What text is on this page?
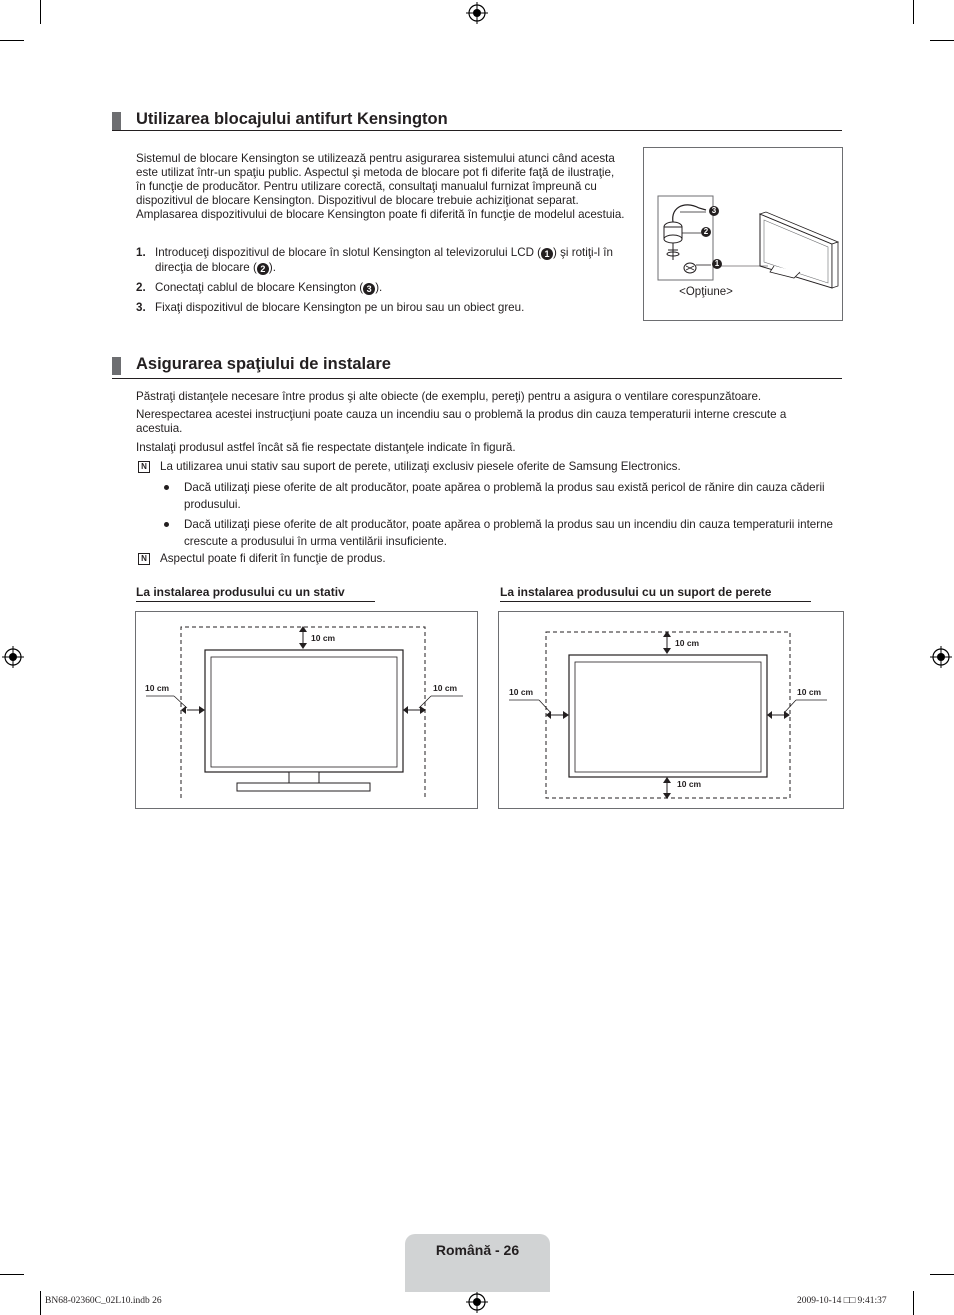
Utilizarea blocajului antifurt Kensington
Sistemul de blocare Kensington se utilizează pentru asigurarea sistemului atunci când acesta este utilizat într-un spaţiu public. Aspectul şi metoda de blocare pot fi diferite faţă de ilustraţie, în funcţie de producător. Pentru utilizare corectă, consultaţi manualul furnizat împreună cu dispozitivul de blocare Kensington. Dispozitivul de blocare trebuie achiziţionat separat. Amplasarea dispozitivului de blocare Kensington poate fi diferită în funcţie de modelul acestuia.
1. Introduceţi dispozitivul de blocare în slotul Kensington al televizorului LCD ( 1 ) şi rotiţi-l în direcţia de blocare ( 2 ).
2. Conectaţi cablul de blocare Kensington ( 3 ).
3. Fixaţi dispozitivul de blocare Kensington pe un birou sau un obiect greu.
3
2
1
<Opţiune>
Asigurarea spaţiului de instalare
Păstraţi distanţele necesare între produs şi alte obiecte (de exemplu, pereţi) pentru a asigura o ventilare corespunzătoare.
Nerespectarea acestei instrucţiuni poate cauza un incendiu sau o problemă la produs din cauza temperaturii interne crescute a acestuia.
Instalaţi produsul astfel încât să fie respectate distanţele indicate în figură.
N La utilizarea unui stativ sau suport de perete, utilizaţi exclusiv piesele oferite de Samsung Electronics.
Dacă utilizaţi piese oferite de alt producător, poate apărea o problemă la produs sau există pericol de rănire din cauza căderii produsului.
Dacă utilizaţi piese oferite de alt producător, poate apărea o problemă la produs sau un incendiu din cauza temperaturii interne crescute a produsului în urma ventilării insuficiente.
N Aspectul poate fi diferit în funcţie de produs.
La instalarea produsului cu un stativ
10 cm
10 cm	10 cm
La instalarea produsului cu un suport de perete
10 cm
10 cm	10 cm
10 cm
Română - 26
BN68-02360C_02L10.indb 26	2009-10-14 □□ 9:41:37
